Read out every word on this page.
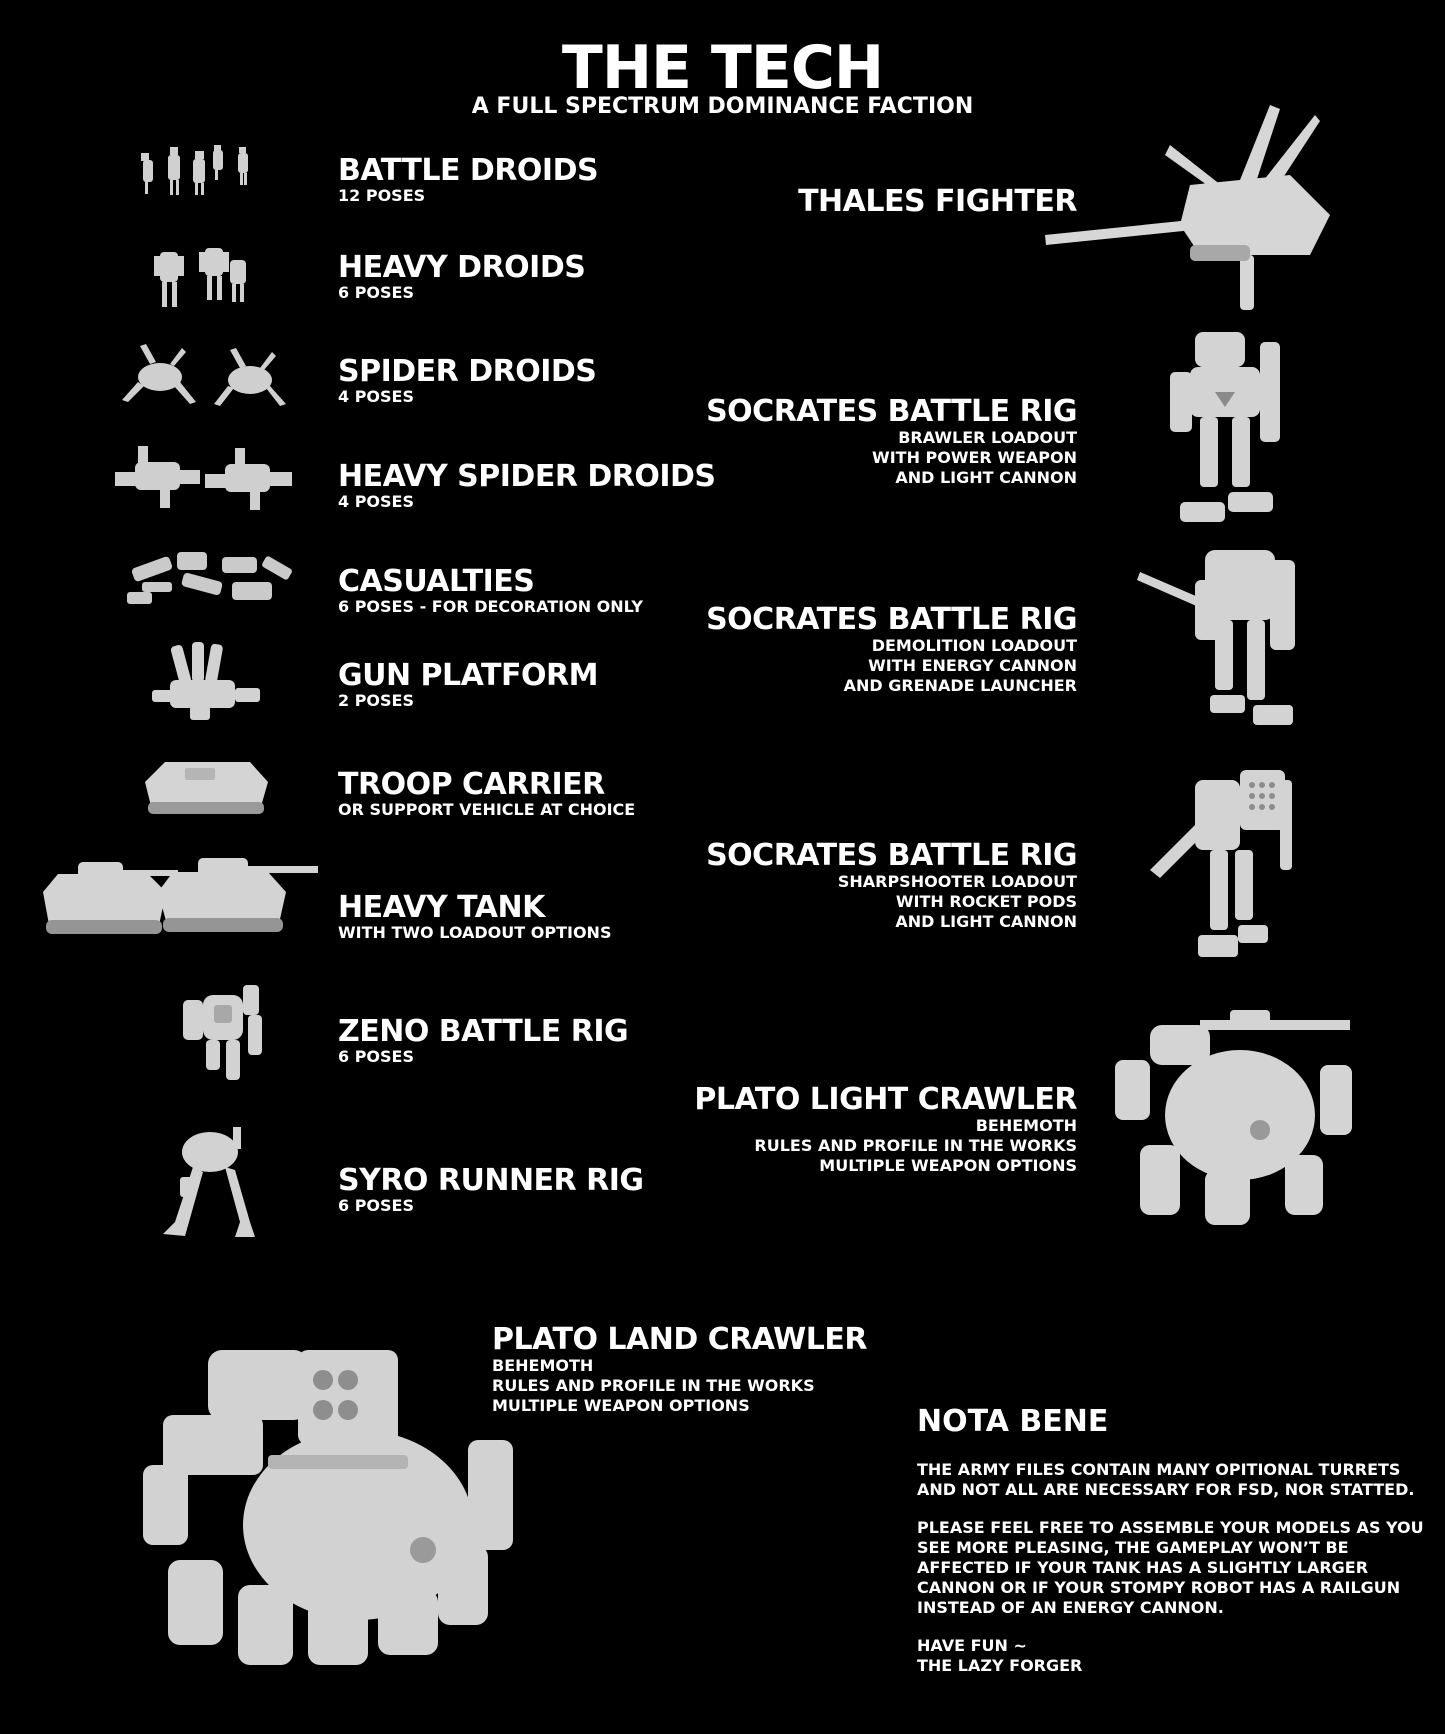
THE TECH
A FULL SPECTRUM DOMINANCE FACTION
BATTLE DROIDS
12 POSES
HEAVY DROIDS
6 POSES
SPIDER DROIDS
4 POSES
HEAVY SPIDER DROIDS
4 POSES
CASUALTIES
6 POSES - FOR DECORATION ONLY
GUN PLATFORM
2 POSES
TROOP CARRIER
OR SUPPORT VEHICLE AT CHOICE
HEAVY TANK
WITH TWO LOADOUT OPTIONS
ZENO BATTLE RIG
6 POSES
SYRO RUNNER RIG
6 POSES
THALES FIGHTER
SOCRATES BATTLE RIG
BRAWLER LOADOUT
WITH POWER WEAPON
AND LIGHT CANNON
SOCRATES BATTLE RIG
DEMOLITION LOADOUT
WITH ENERGY CANNON
AND GRENADE LAUNCHER
SOCRATES BATTLE RIG
SHARPSHOOTER LOADOUT
WITH ROCKET PODS
AND LIGHT CANNON
PLATO LIGHT CRAWLER
BEHEMOTH
RULES AND PROFILE IN THE WORKS
MULTIPLE WEAPON OPTIONS
PLATO LAND CRAWLER
BEHEMOTH
RULES AND PROFILE IN THE WORKS
MULTIPLE WEAPON OPTIONS	NOTA BENE

THE ARMY FILES CONTAIN MANY OPITIONAL TURRETS
AND NOT ALL ARE NECESSARY FOR FSD, NOR STATTED.

PLEASE FEEL FREE TO ASSEMBLE YOUR MODELS AS YOU
SEE MORE PLEASING, THE GAMEPLAY WON’T BE
AFFECTED IF YOUR TANK HAS A SLIGHTLY LARGER
CANNON OR IF YOUR STOMPY ROBOT HAS A RAILGUN
INSTEAD OF AN ENERGY CANNON.

HAVE FUN ~
THE LAZY FORGER
